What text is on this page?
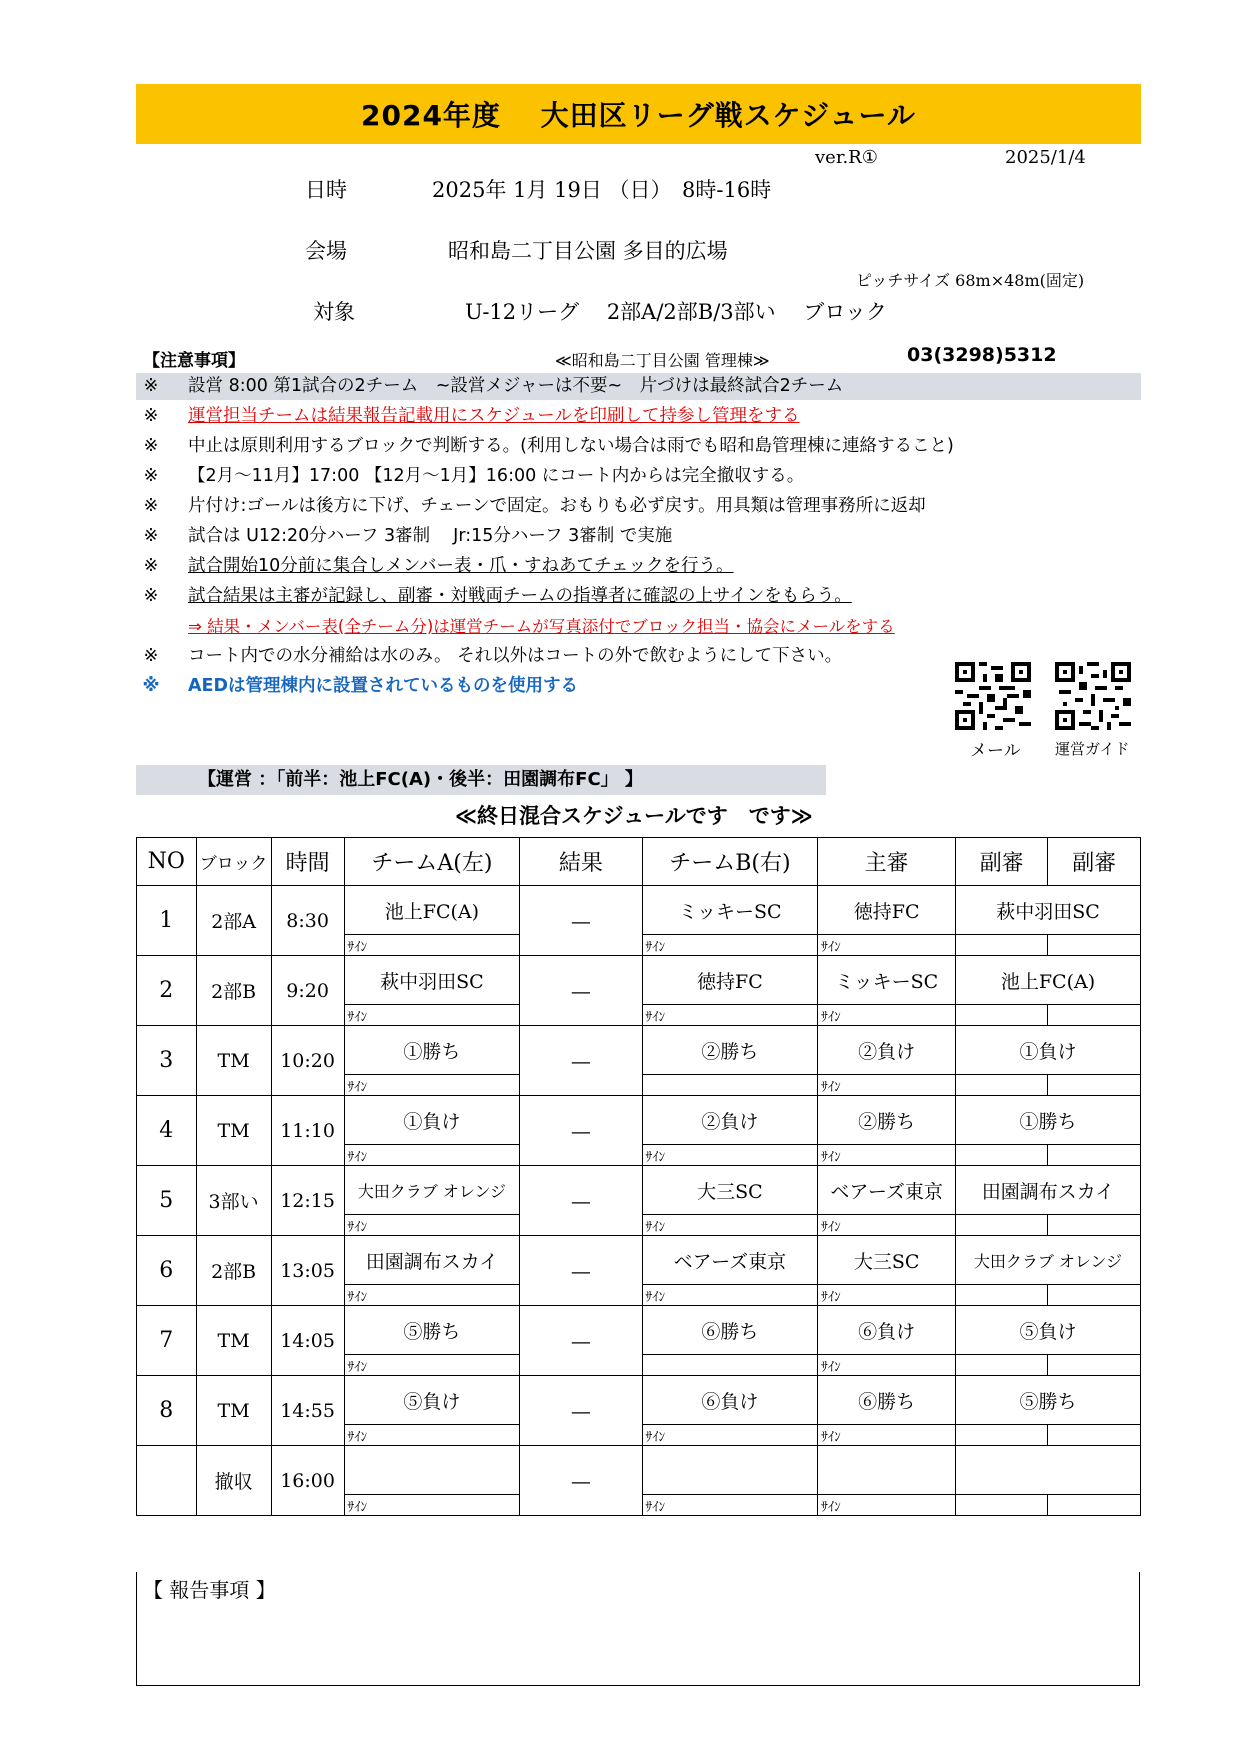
2024年度　 大田区リーグ戦スケジュール
ver.R①	2025/1/4
日時	2025年 1月 19日 （日）　8時-16時
会場	昭和島二丁目公園 多目的広場
ピッチサイズ 68m×48m(固定)
対象	U-12リーグ　 2部A/2部B/3部い　 ブロック
【注意事項】	≪昭和島二丁目公園 管理棟≫	03(3298)5312
※	設営 8:00 第1試合の2チーム　~設営メジャーは不要~　片づけは最終試合2チーム
※	運営担当チームは結果報告記載用にスケジュールを印刷して持参し管理をする
※	中止は原則利用するブロックで判断する。(利用しない場合は雨でも昭和島管理棟に連絡すること)
※	【2月～11月】17:00 【12月～1月】16:00 にコート内からは完全撤収する。
※	片付け:ゴールは後方に下げ、チェーンで固定。おもりも必ず戻す。用具類は管理事務所に返却
※	試合は U12:20分ハーフ 3審制　 Jr:15分ハーフ 3審制 で実施
※	試合開始10分前に集合しメンバー表・爪・すねあてチェックを行う。
※	試合結果は主審が記録し、副審・対戦両チームの指導者に確認の上サインをもらう。
⇒ 結果・メンバー表(全チーム分)は運営チームが写真添付でブロック担当・協会にメールをする
※	コート内での水分補給は水のみ。 それ以外はコートの外で飲むようにして下さい。
※	AEDは管理棟内に設置されているものを使用する
メール 運営ガイド
【運営 ：「前半：池上FC(A)・後半：田園調布FC」 】
≪終日混合スケジュールです　です≫
NO	ブロック	時間	チームA(左)	結果	チームB(右)	主審	副審	副審
1	2部A	8:30	池上FC(A)	—	ミッキーSC	徳持FC	萩中羽田SC	
			ｻｲﾝ		ｻｲﾝ	ｻｲﾝ		
2	2部B	9:20	萩中羽田SC	—	徳持FC	ミッキーSC	池上FC(A)	
			ｻｲﾝ		ｻｲﾝ	ｻｲﾝ		
3	TM	10:20	①勝ち	—	②勝ち	②負け	①負け	
			ｻｲﾝ			ｻｲﾝ		
4	TM	11:10	①負け	—	②負け	②勝ち	①勝ち	
			ｻｲﾝ		ｻｲﾝ	ｻｲﾝ		
5	3部い	12:15	大田クラブ オレンジ	—	大三SC	ベアーズ東京	田園調布スカイ	
			ｻｲﾝ		ｻｲﾝ	ｻｲﾝ		
6	2部B	13:05	田園調布スカイ	—	ベアーズ東京	大三SC	大田クラブ オレンジ	
			ｻｲﾝ		ｻｲﾝ	ｻｲﾝ		
7	TM	14:05	⑤勝ち	—	⑥勝ち	⑥負け	⑤負け	
			ｻｲﾝ			ｻｲﾝ		
8	TM	14:55	⑤負け	—	⑥負け	⑥勝ち	⑤勝ち	
			ｻｲﾝ		ｻｲﾝ	ｻｲﾝ		
	撤収	16:00		—				
			ｻｲﾝ		ｻｲﾝ	ｻｲﾝ		
【 報告事項 】
